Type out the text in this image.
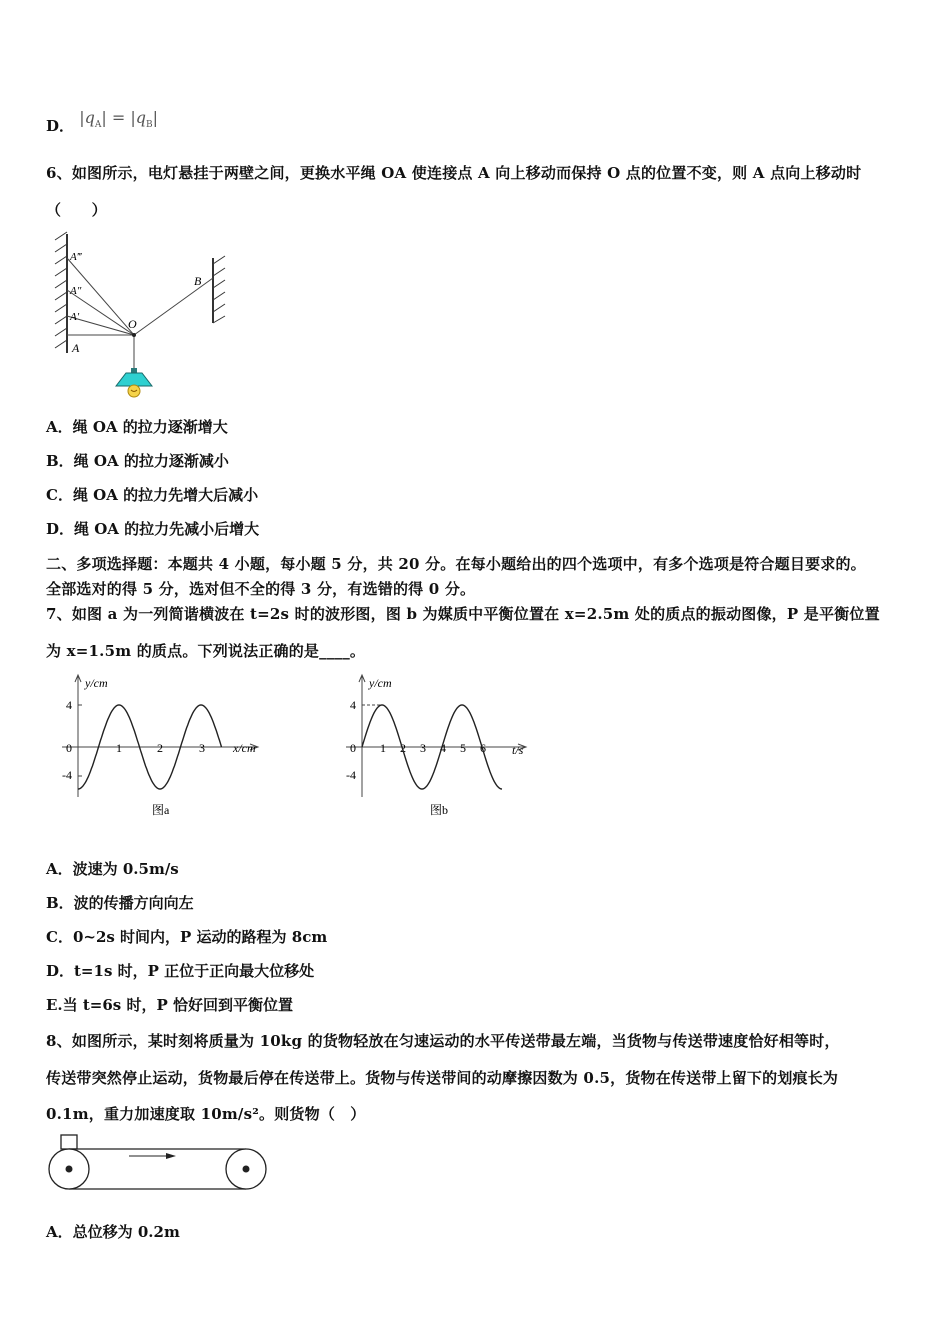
D． $|q_A| = |q_B|$
6、如图所示，电灯悬挂于两壁之间，更换水平绳 OA 使连接点 A 向上移动而保持 O 点的位置不变，则 A 点向上移动时
（　　）
A‴
A″
A′
A
O
B
A．绳 OA 的拉力逐渐增大
B．绳 OA 的拉力逐渐减小
C．绳 OA 的拉力先增大后减小
D．绳 OA 的拉力先减小后增大
二、多项选择题：本题共 4 小题，每小题 5 分，共 20 分。在每小题给出的四个选项中，有多个选项是符合题目要求的。
全部选对的得 5 分，选对但不全的得 3 分，有选错的得 0 分。
7、如图 a 为一列简谐横波在 t=2s 时的波形图，图 b 为媒质中平衡位置在 x=2.5m 处的质点的振动图像，P 是平衡位置
为 x=1.5m 的质点。下列说法正确的是____。
y/cm
x/cm
4
-4
0	1	2	3
图a
y/cm
t/s
4
-4
0 1 2 3 4 5 6
图b
A．波速为 0.5m/s
B．波的传播方向向左
C．0~2s 时间内，P 运动的路程为 8cm
D．t=1s 时，P 正位于正向最大位移处
E.当 t=6s 时，P 恰好回到平衡位置
8、如图所示，某时刻将质量为 10kg 的货物轻放在匀速运动的水平传送带最左端，当货物与传送带速度恰好相等时，
传送带突然停止运动，货物最后停在传送带上。货物与传送带间的动摩擦因数为 0.5，货物在传送带上留下的划痕长为
0.1m，重力加速度取 10m/s²。则货物（　）
A．总位移为 0.2m
